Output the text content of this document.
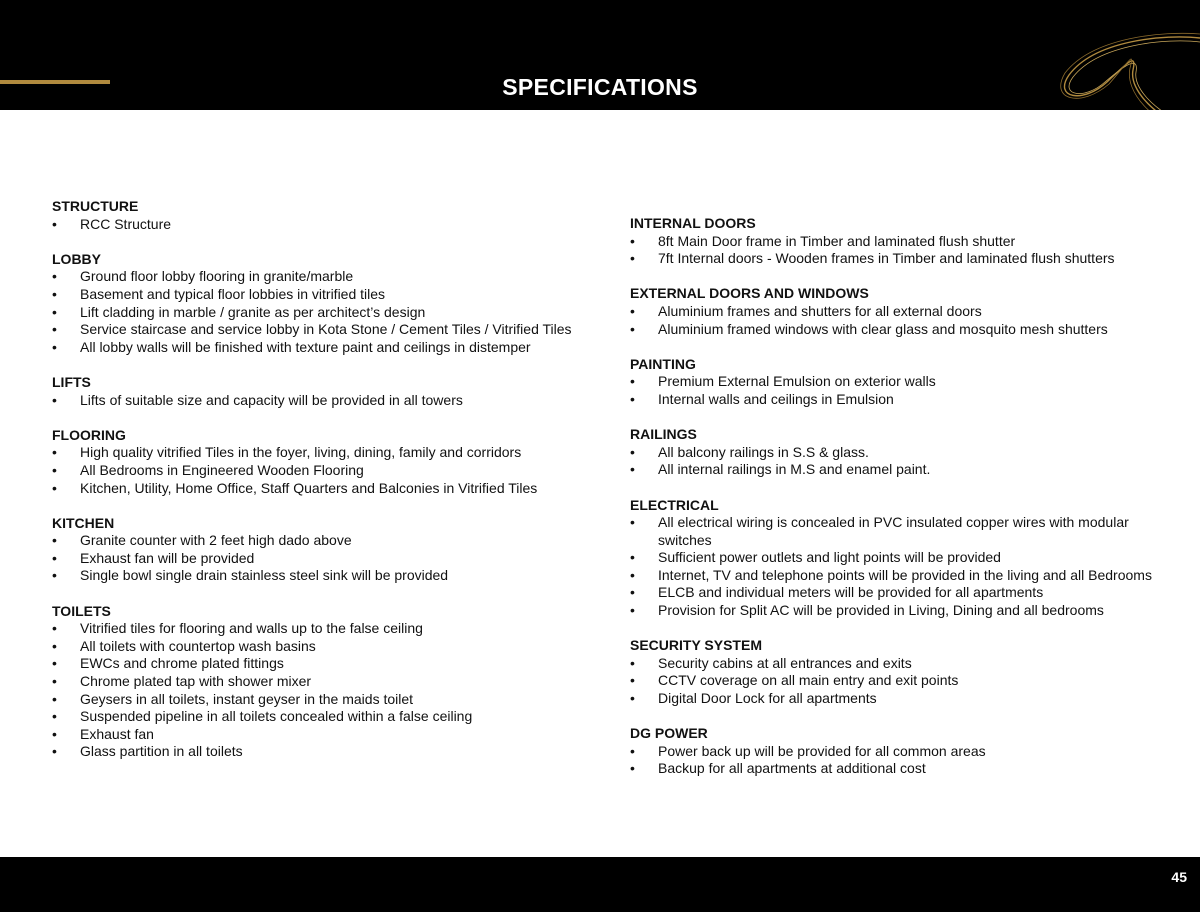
SPECIFICATIONS
STRUCTURE
•	RCC Structure
LOBBY
•	Ground floor lobby flooring in granite/marble
•	Basement and typical floor lobbies in vitrified tiles
•	Lift cladding in marble / granite as per architect’s design
•	Service staircase and service lobby in Kota Stone / Cement Tiles / Vitrified Tiles
•	All lobby walls will be finished with texture paint and ceilings in distemper
LIFTS
•	Lifts of suitable size and capacity will be provided in all towers
FLOORING
•	High quality vitrified Tiles in the foyer, living, dining, family and corridors
•	All Bedrooms in Engineered Wooden Flooring
•	Kitchen, Utility, Home Office, Staff Quarters and Balconies in Vitrified Tiles
KITCHEN
•	Granite counter with 2 feet high dado above
•	Exhaust fan will be provided
•	Single bowl single drain stainless steel sink will be provided
TOILETS
•	Vitrified tiles for flooring and walls up to the false ceiling
•	All toilets with countertop wash basins
•	EWCs and chrome plated fittings
•	Chrome plated tap with shower mixer
•	Geysers in all toilets, instant geyser in the maids toilet
•	Suspended pipeline in all toilets concealed within a false ceiling
•	Exhaust fan
•	Glass partition in all toilets
INTERNAL DOORS
•	8ft Main Door frame in Timber and laminated flush shutter
•	7ft Internal doors - Wooden frames in Timber and laminated flush shutters
EXTERNAL DOORS AND WINDOWS
•	Aluminium frames and shutters for all external doors
•	Aluminium framed windows with clear glass and mosquito mesh shutters
PAINTING
•	Premium External Emulsion on exterior walls
•	Internal walls and ceilings in Emulsion
RAILINGS
•	All balcony railings in S.S & glass.
•	All internal railings in M.S and enamel paint.
ELECTRICAL
•	All electrical wiring is concealed in PVC insulated copper wires with modular switches
•	Sufficient power outlets and light points will be provided
•	Internet, TV and telephone points will be provided in the living and all Bedrooms
•	ELCB and individual meters will be provided for all apartments
•	Provision for Split AC will be provided in Living, Dining and all bedrooms
SECURITY SYSTEM
•	Security cabins at all entrances and exits
•	CCTV coverage on all main entry and exit points
•	Digital Door Lock for all apartments
DG POWER
•	Power back up will be provided for all common areas
•	Backup for all apartments at additional cost
45
